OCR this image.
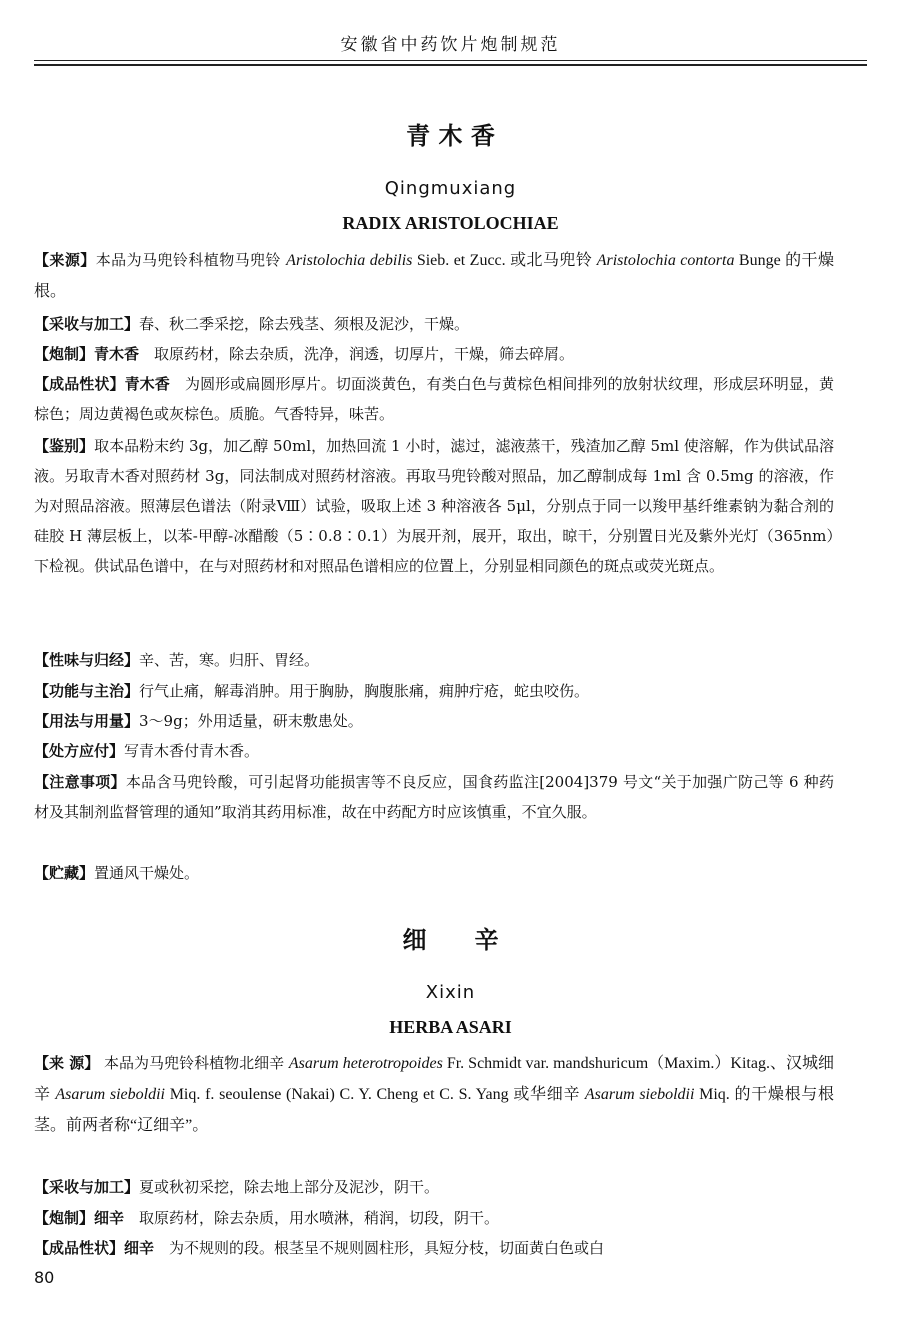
安徽省中药饮片炮制规范
青 木 香
Qingmuxiang
RADIX ARISTOLOCHIAE
【来源】本品为马兜铃科植物马兜铃 Aristolochia debilis Sieb. et Zucc. 或北马兜铃 Aristolochia contorta Bunge 的干燥根。
【采收与加工】春、秋二季采挖，除去残茎、须根及泥沙，干燥。
【炮制】青木香　取原药材，除去杂质，洗净，润透，切厚片，干燥，筛去碎屑。
【成品性状】青木香　为圆形或扁圆形厚片。切面淡黄色，有类白色与黄棕色相间排列的放射状纹理，形成层环明显，黄棕色；周边黄褐色或灰棕色。质脆。气香特异，味苦。
【鉴别】取本品粉末约 3g，加乙醇 50ml，加热回流 1 小时，滤过，滤液蒸干，残渣加乙醇 5ml 使溶解，作为供试品溶液。另取青木香对照药材 3g，同法制成对照药材溶液。再取马兜铃酸对照品，加乙醇制成每 1ml 含 0.5mg 的溶液，作为对照品溶液。照薄层色谱法（附录Ⅷ）试验，吸取上述 3 种溶液各 5μl，分别点于同一以羧甲基纤维素钠为黏合剂的硅胶 H 薄层板上，以苯-甲醇-冰醋酸（5∶0.8∶0.1）为展开剂，展开，取出，晾干，分别置日光及紫外光灯（365nm）下检视。供试品色谱中，在与对照药材和对照品色谱相应的位置上，分别显相同颜色的斑点或荧光斑点。
【性味与归经】辛、苦，寒。归肝、胃经。
【功能与主治】行气止痛，解毒消肿。用于胸胁，胸腹胀痛，痈肿疔疮，蛇虫咬伤。
【用法与用量】3～9g；外用适量，研末敷患处。
【处方应付】写青木香付青木香。
【注意事项】本品含马兜铃酸，可引起肾功能损害等不良反应，国食药监注[2004]379 号文“关于加强广防己等 6 种药材及其制剂监督管理的通知”取消其药用标准，故在中药配方时应该慎重，不宜久服。
【贮藏】置通风干燥处。
细　　辛
Xixin
HERBA ASARI
【来 源】 本品为马兜铃科植物北细辛 Asarum heterotropoides Fr. Schmidt var. mandshuricum（Maxim.）Kitag.、汉城细辛 Asarum sieboldii Miq. f. seoulense (Nakai) C. Y. Cheng et C. S. Yang 或华细辛 Asarum sieboldii Miq. 的干燥根与根茎。前两者称“辽细辛”。
【采收与加工】夏或秋初采挖，除去地上部分及泥沙，阴干。
【炮制】细辛　取原药材，除去杂质，用水喷淋，稍润，切段，阴干。
【成品性状】细辛　为不规则的段。根茎呈不规则圆柱形，具短分枝，切面黄白色或白
80
